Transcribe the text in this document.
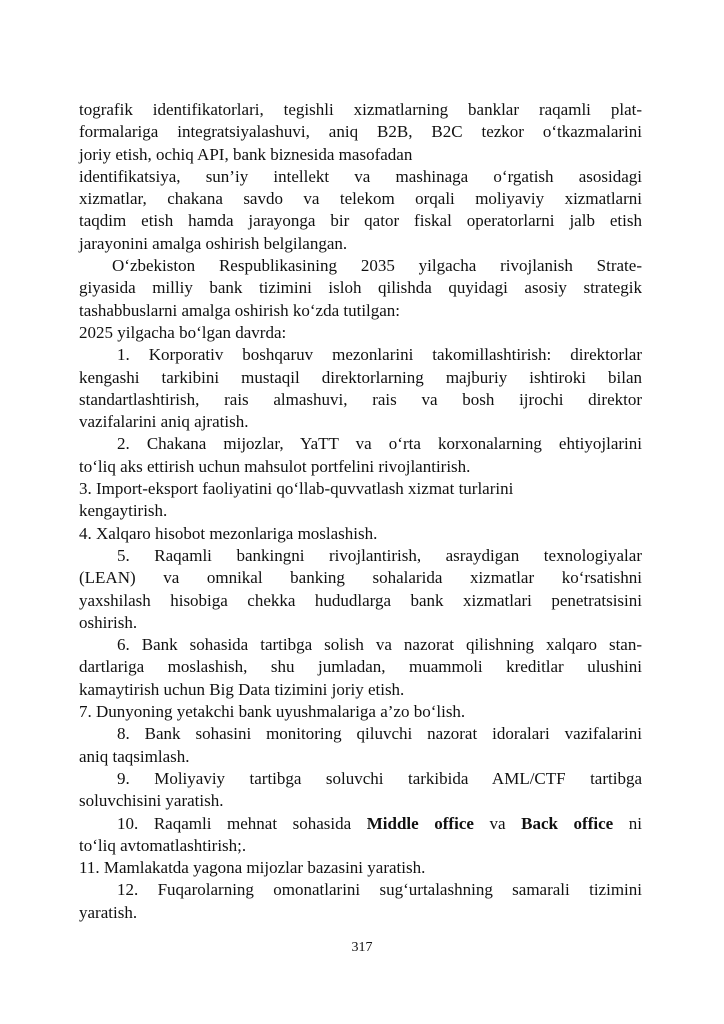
tografik identifikatorlari, tegishli xizmatlarning banklar raqamli plat-
formalariga integratsiyalashuvi, aniq B2B, B2C tezkor o‘tkazmalarini
joriy etish, ochiq API, bank biznesida masofadan
identifikatsiya, sun’iy intellekt va mashinaga o‘rgatish asosidagi
xizmatlar, chakana savdo va telekom orqali moliyaviy xizmatlarni
taqdim etish hamda jarayonga bir qator fiskal operatorlarni jalb etish
jarayonini amalga oshirish belgilangan.
O‘zbekiston Respublikasining 2035 yilgacha rivojlanish Strate-
giyasida milliy bank tizimini isloh qilishda quyidagi asosiy strategik
tashabbuslarni amalga oshirish ko‘zda tutilgan:
2025 yilgacha bo‘lgan davrda:
1. Korporativ boshqaruv mezonlarini takomillashtirish: direktorlar
kengashi tarkibini mustaqil direktorlarning majburiy ishtiroki bilan
standartlashtirish, rais almashuvi, rais va bosh ijrochi direktor
vazifalarini aniq ajratish.
2. Chakana mijozlar, YaTT va o‘rta korxonalarning ehtiyojlarini
to‘liq aks ettirish uchun mahsulot portfelini rivojlantirish.
3. Import-eksport faoliyatini qo‘llab-quvvatlash xizmat turlarini
kengaytirish.
4. Xalqaro hisobot mezonlariga moslashish.
5. Raqamli bankingni rivojlantirish, asraydigan texnologiyalar
(LEAN) va omnikal banking sohalarida xizmatlar ko‘rsatishni
yaxshilash hisobiga chekka hududlarga bank xizmatlari penetratsisini
oshirish.
6. Bank sohasida tartibga solish va nazorat qilishning xalqaro stan-
dartlariga moslashish, shu jumladan, muammoli kreditlar ulushini
kamaytirish uchun Big Data tizimini joriy etish.
7. Dunyoning yetakchi bank uyushmalariga a’zo bo‘lish.
8. Bank sohasini monitoring qiluvchi nazorat idoralari vazifalarini
aniq taqsimlash.
9. Moliyaviy tartibga soluvchi tarkibida AML/CTF tartibga
soluvchisini yaratish.
10. Raqamli mehnat sohasida Middle office va Back office ni
to‘liq avtomatlashtirish;.
11. Mamlakatda yagona mijozlar bazasini yaratish.
12. Fuqarolarning omonatlarini sug‘urtalashning samarali tizimini
yaratish.
317
